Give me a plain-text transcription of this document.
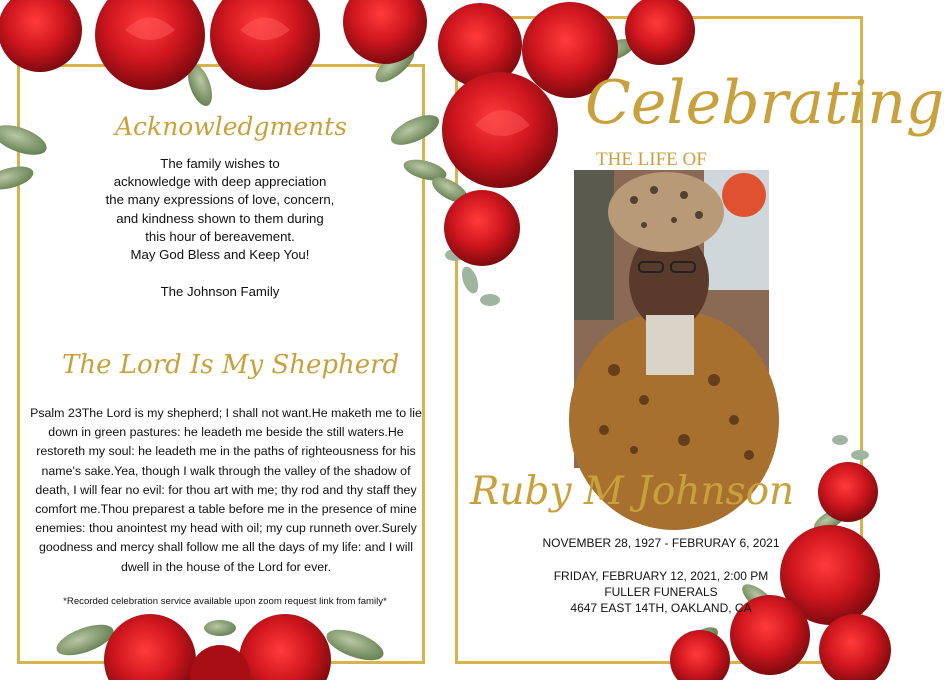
Acknowledgments
The family wishes to
acknowledge with deep appreciation
the many expressions of love, concern,
and kindness shown to them during
this hour of bereavement.
May God Bless and Keep You!
The Johnson Family
The Lord Is My Shepherd
Psalm 23The Lord is my shepherd; I shall not want.He maketh me to lie down in green pastures: he leadeth me beside the still waters.He restoreth my soul: he leadeth me in the paths of righteousness for his name's sake.Yea, though I walk through the valley of the shadow of death, I will fear no evil: for thou art with me; thy rod and thy staff they comfort me.Thou preparest a table before me in the presence of mine enemies: thou anointest my head with oil; my cup runneth over.Surely goodness and mercy shall follow me all the days of my life: and I will dwell in the house of the Lord for ever.
*Recorded celebration service available upon zoom request link from family*
Celebrating
THE LIFE OF
Ruby M Johnson
NOVEMBER 28, 1927 - FEBRURAY 6, 2021
FRIDAY, FEBRUARY 12, 2021, 2:00 PM
FULLER FUNERALS
4647 EAST 14TH, OAKLAND, CA
